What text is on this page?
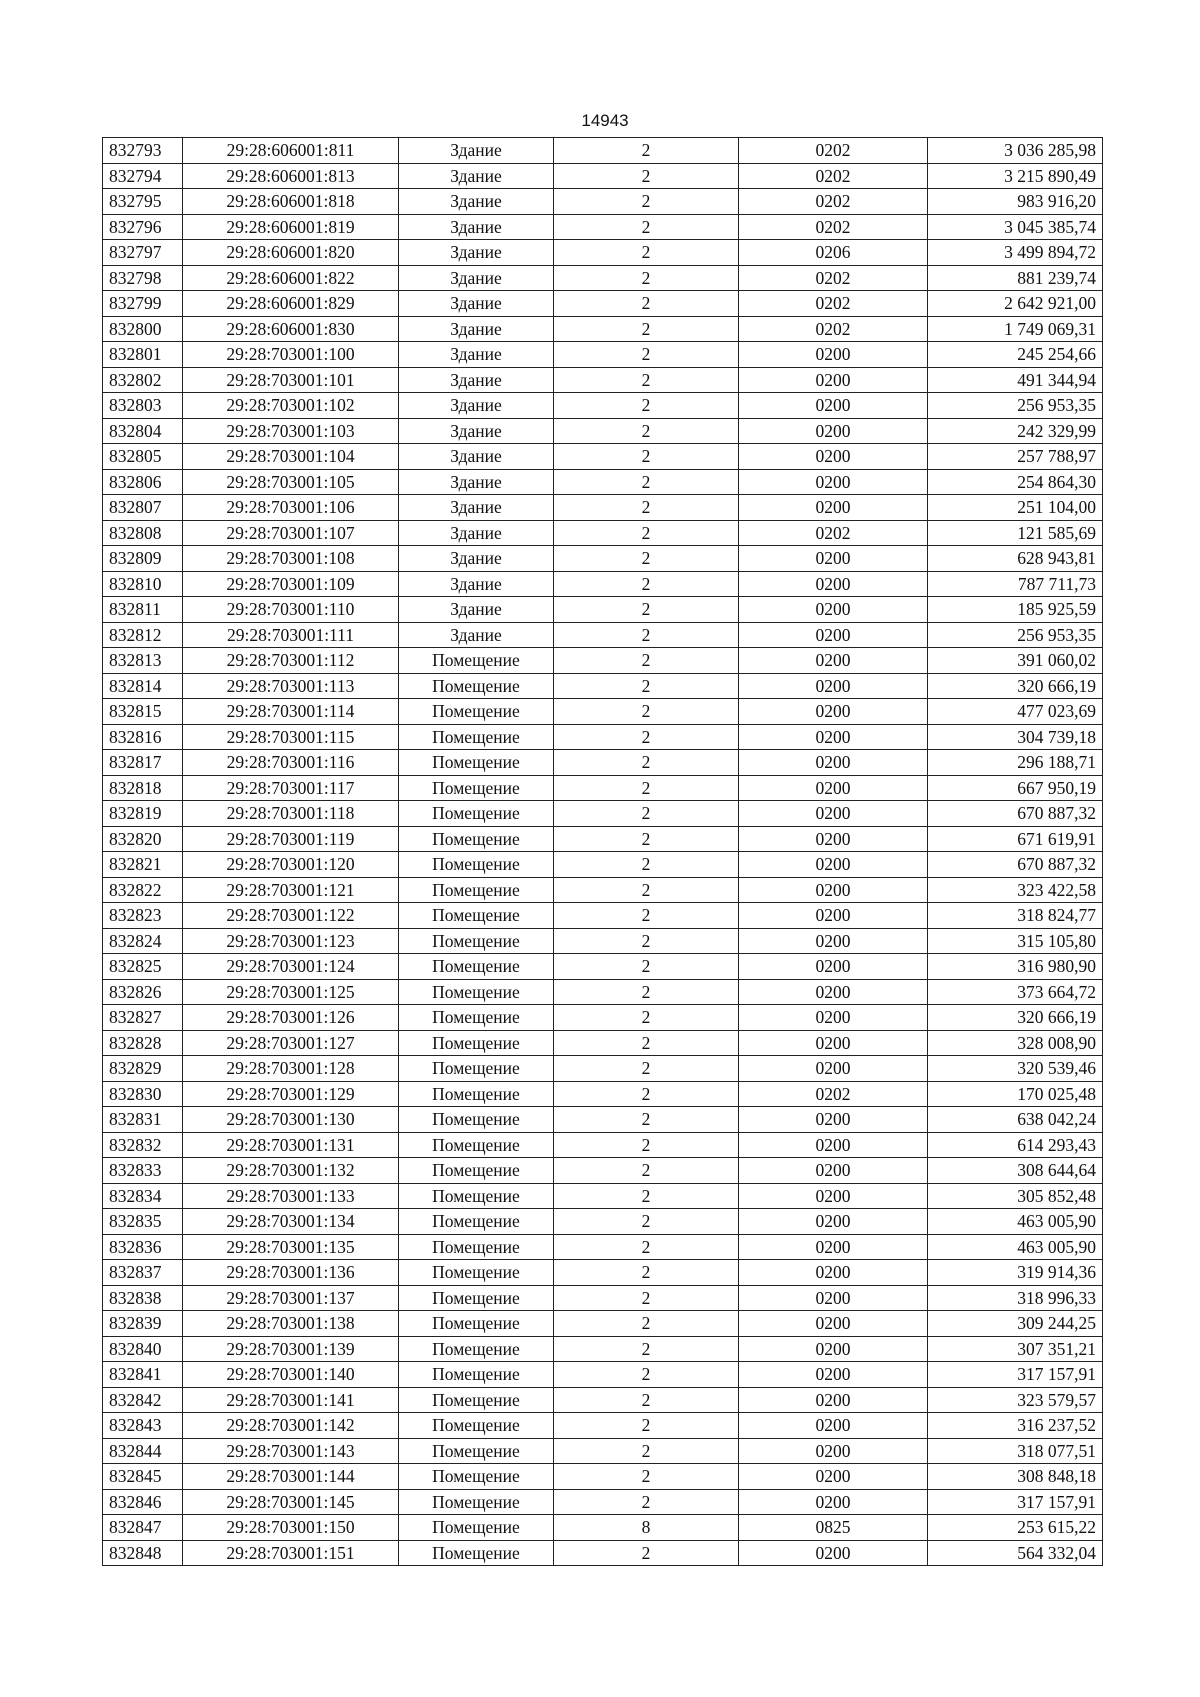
14943
832793	29:28:606001:811	Здание	2	0202	3 036 285,98
832794	29:28:606001:813	Здание	2	0202	3 215 890,49
832795	29:28:606001:818	Здание	2	0202	983 916,20
832796	29:28:606001:819	Здание	2	0202	3 045 385,74
832797	29:28:606001:820	Здание	2	0206	3 499 894,72
832798	29:28:606001:822	Здание	2	0202	881 239,74
832799	29:28:606001:829	Здание	2	0202	2 642 921,00
832800	29:28:606001:830	Здание	2	0202	1 749 069,31
832801	29:28:703001:100	Здание	2	0200	245 254,66
832802	29:28:703001:101	Здание	2	0200	491 344,94
832803	29:28:703001:102	Здание	2	0200	256 953,35
832804	29:28:703001:103	Здание	2	0200	242 329,99
832805	29:28:703001:104	Здание	2	0200	257 788,97
832806	29:28:703001:105	Здание	2	0200	254 864,30
832807	29:28:703001:106	Здание	2	0200	251 104,00
832808	29:28:703001:107	Здание	2	0202	121 585,69
832809	29:28:703001:108	Здание	2	0200	628 943,81
832810	29:28:703001:109	Здание	2	0200	787 711,73
832811	29:28:703001:110	Здание	2	0200	185 925,59
832812	29:28:703001:111	Здание	2	0200	256 953,35
832813	29:28:703001:112	Помещение	2	0200	391 060,02
832814	29:28:703001:113	Помещение	2	0200	320 666,19
832815	29:28:703001:114	Помещение	2	0200	477 023,69
832816	29:28:703001:115	Помещение	2	0200	304 739,18
832817	29:28:703001:116	Помещение	2	0200	296 188,71
832818	29:28:703001:117	Помещение	2	0200	667 950,19
832819	29:28:703001:118	Помещение	2	0200	670 887,32
832820	29:28:703001:119	Помещение	2	0200	671 619,91
832821	29:28:703001:120	Помещение	2	0200	670 887,32
832822	29:28:703001:121	Помещение	2	0200	323 422,58
832823	29:28:703001:122	Помещение	2	0200	318 824,77
832824	29:28:703001:123	Помещение	2	0200	315 105,80
832825	29:28:703001:124	Помещение	2	0200	316 980,90
832826	29:28:703001:125	Помещение	2	0200	373 664,72
832827	29:28:703001:126	Помещение	2	0200	320 666,19
832828	29:28:703001:127	Помещение	2	0200	328 008,90
832829	29:28:703001:128	Помещение	2	0200	320 539,46
832830	29:28:703001:129	Помещение	2	0202	170 025,48
832831	29:28:703001:130	Помещение	2	0200	638 042,24
832832	29:28:703001:131	Помещение	2	0200	614 293,43
832833	29:28:703001:132	Помещение	2	0200	308 644,64
832834	29:28:703001:133	Помещение	2	0200	305 852,48
832835	29:28:703001:134	Помещение	2	0200	463 005,90
832836	29:28:703001:135	Помещение	2	0200	463 005,90
832837	29:28:703001:136	Помещение	2	0200	319 914,36
832838	29:28:703001:137	Помещение	2	0200	318 996,33
832839	29:28:703001:138	Помещение	2	0200	309 244,25
832840	29:28:703001:139	Помещение	2	0200	307 351,21
832841	29:28:703001:140	Помещение	2	0200	317 157,91
832842	29:28:703001:141	Помещение	2	0200	323 579,57
832843	29:28:703001:142	Помещение	2	0200	316 237,52
832844	29:28:703001:143	Помещение	2	0200	318 077,51
832845	29:28:703001:144	Помещение	2	0200	308 848,18
832846	29:28:703001:145	Помещение	2	0200	317 157,91
832847	29:28:703001:150	Помещение	8	0825	253 615,22
832848	29:28:703001:151	Помещение	2	0200	564 332,04
